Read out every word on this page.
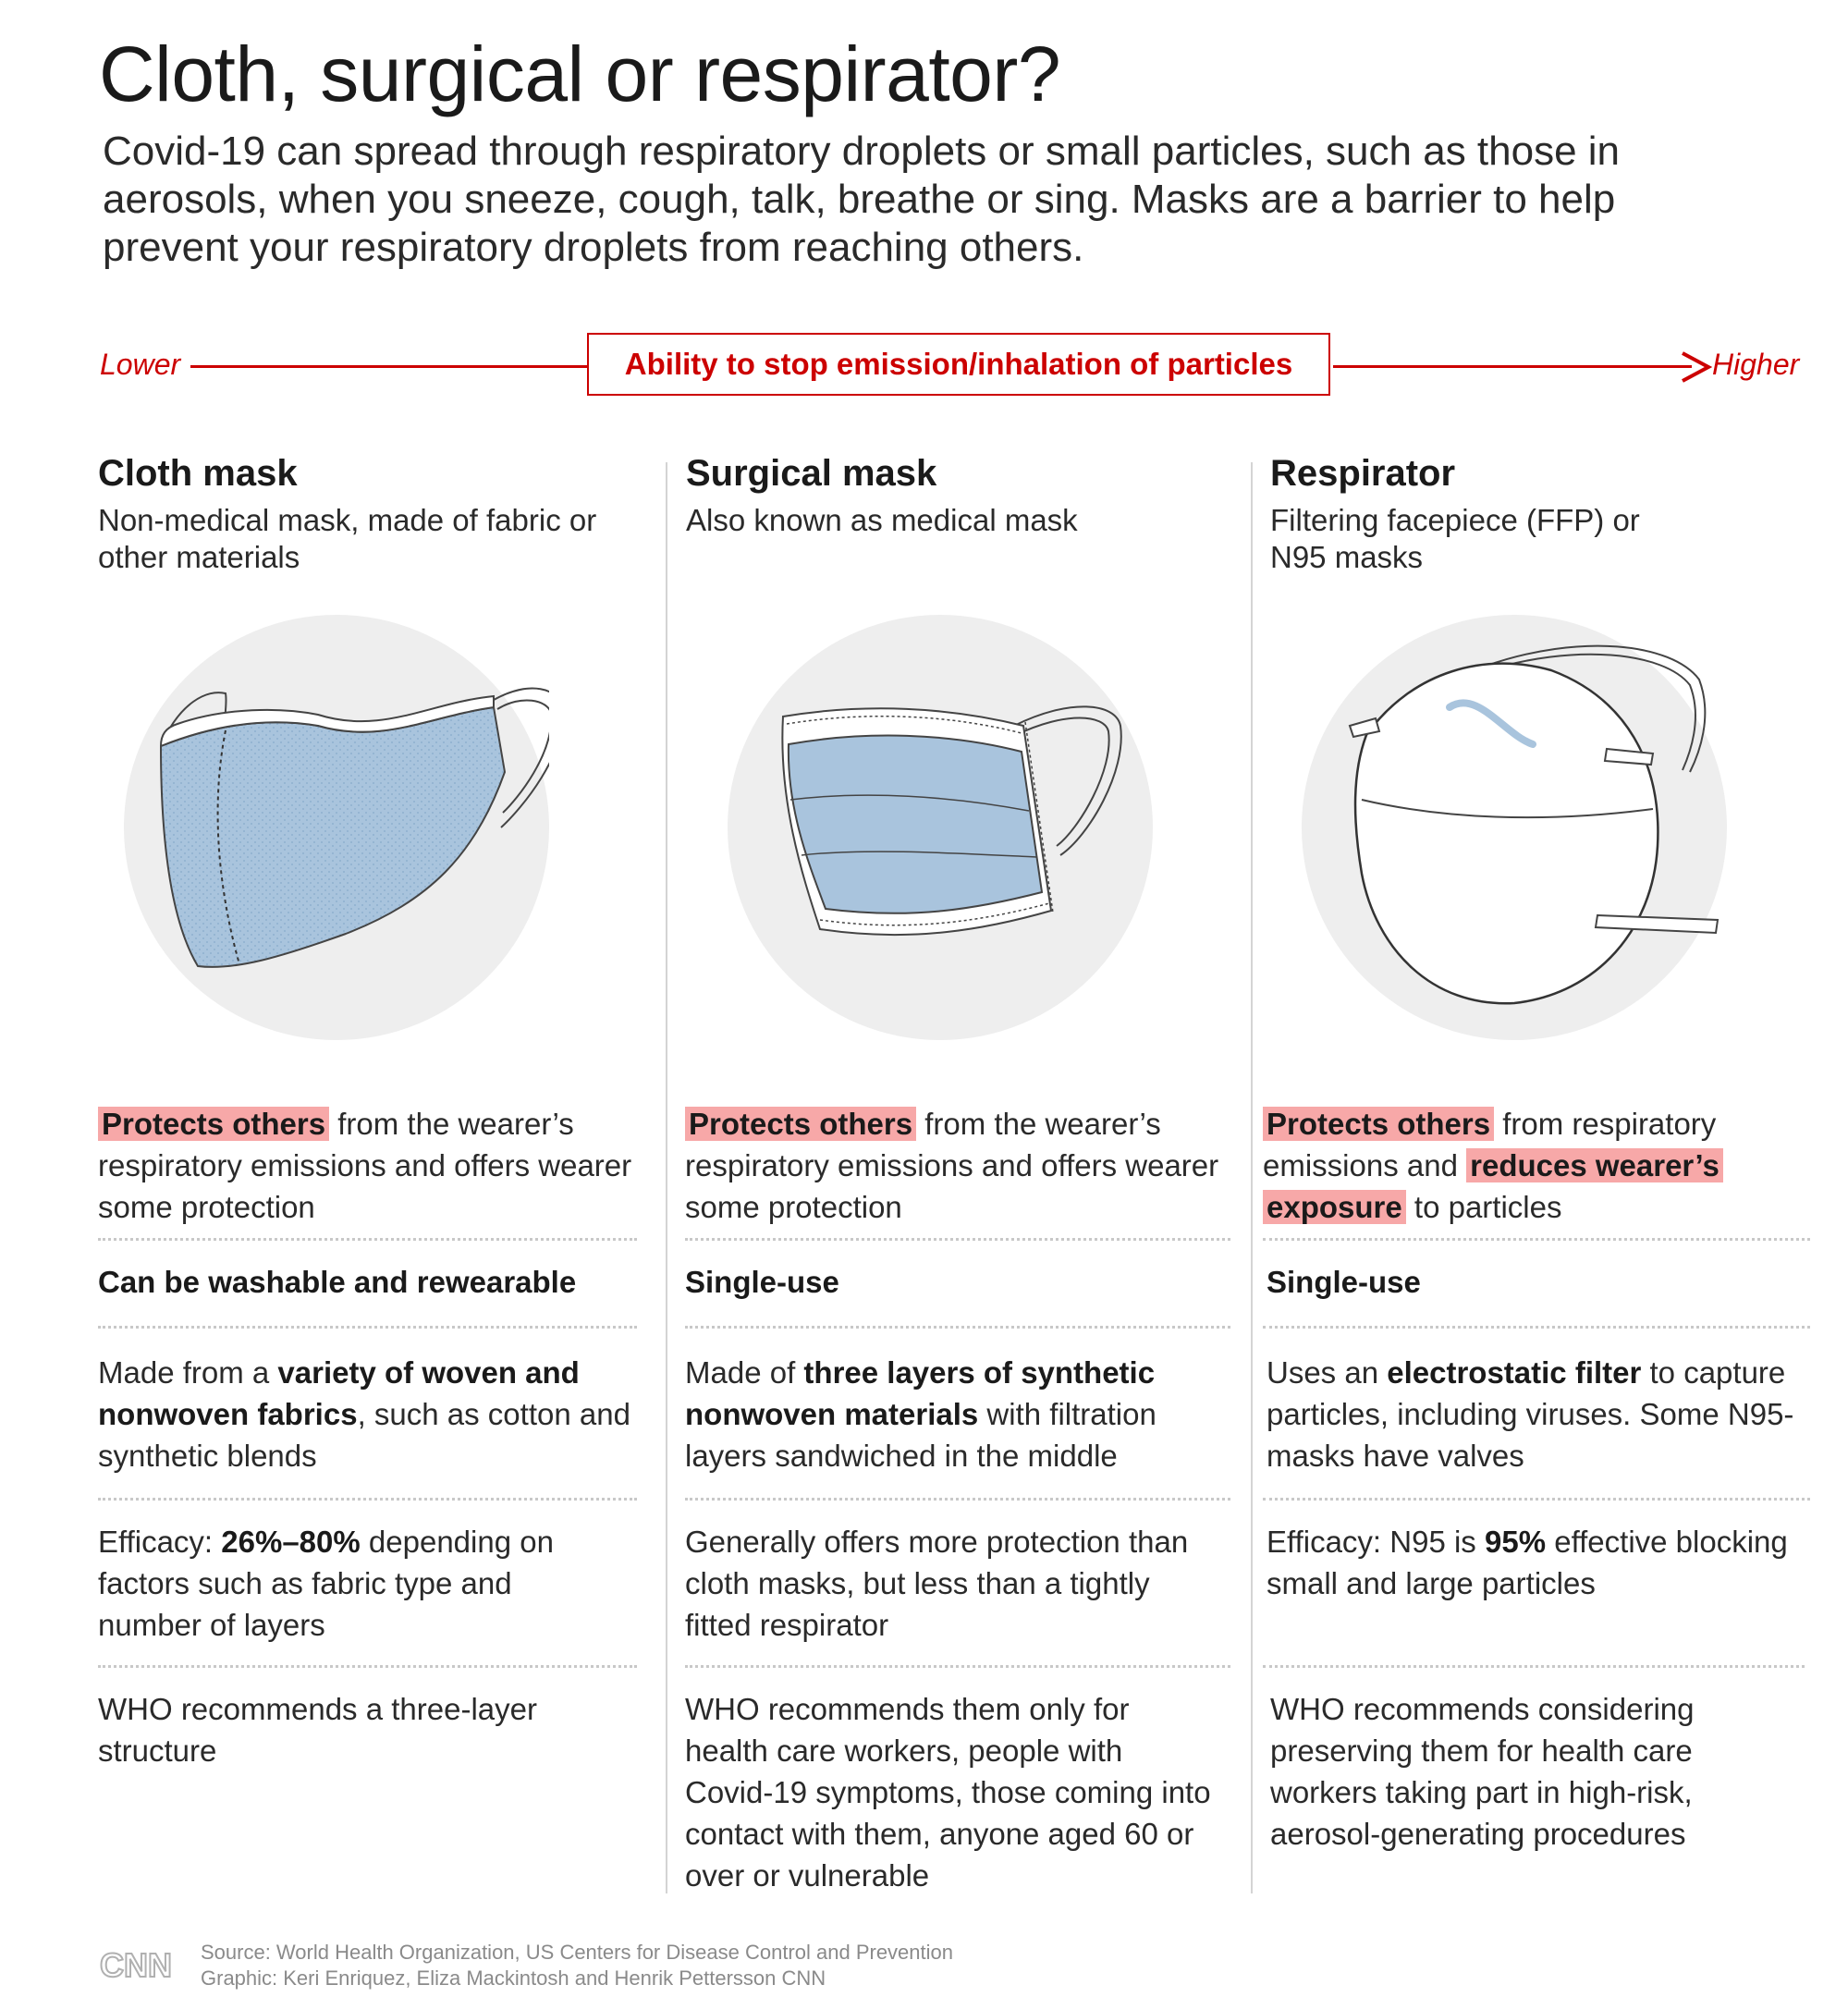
Cloth, surgical or respirator?

Covid-19 can spread through respiratory droplets or small particles, such as those in aerosols, when you sneeze, cough, talk, breathe or sing. Masks are a barrier to help prevent your respiratory droplets from reaching others.

Lower	Ability to stop emission/inhalation of particles	Higher
Cloth mask

Non-medical mask, made of fabric or other materials

Surgical mask

Also known as medical mask

Respirator

Filtering facepiece (FFP) or N95 masks

Protects others from the wearer’s respiratory emissions and offers wearer some protection
Can be washable and rewearable
Made from a variety of woven and nonwoven fabrics, such as cotton and synthetic blends
Efficacy: 26%–80% depending on factors such as fabric type and number of layers
WHO recommends a three-layer structure
Protects others from the wearer’s respiratory emissions and offers wearer some protection
Single-use
Made of three layers of synthetic nonwoven materials with filtration layers sandwiched in the middle
Generally offers more protection than cloth masks, but less than a tightly fitted respirator
WHO recommends them only for health care workers, people with Covid-19 symptoms, those coming into contact with them, anyone aged 60 or over or vulnerable
Protects others from respiratory emissions and reduces wearer’s exposure to particles
Single-use
Uses an electrostatic filter to capture particles, including viruses. Some N95-masks have valves
Efficacy: N95 is 95% effective blocking small and large particles
WHO recommends considering preserving them for health care workers taking part in high-risk, aerosol-generating procedures
CNN Source: World Health Organization, US Centers for Disease Control and Prevention
Graphic: Keri Enriquez, Eliza Mackintosh and Henrik Pettersson CNN
